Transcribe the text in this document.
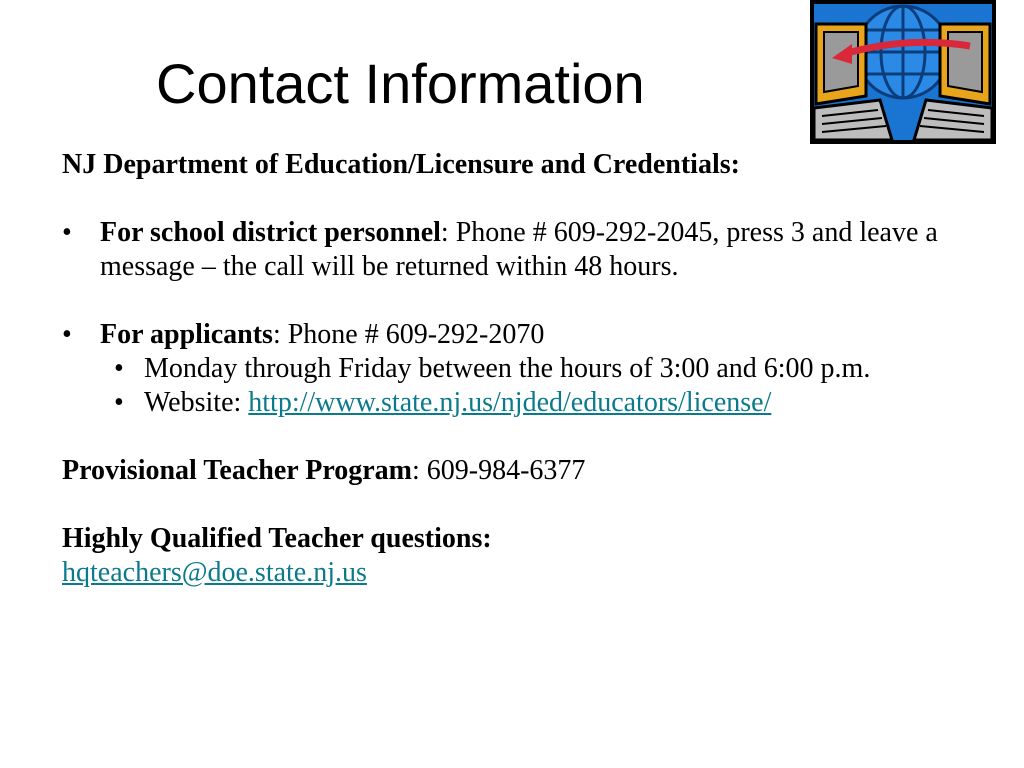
Contact Information
NJ Department of Education/Licensure and Credentials:
• For school district personnel: Phone # 609-292-2045, press 3 and leave a message – the call will be returned within 48 hours.
• For applicants: Phone # 609-292-2070
• Monday through Friday between the hours of 3:00 and 6:00 p.m.
• Website: http://www.state.nj.us/njded/educators/license/
Provisional Teacher Program: 609-984-6377
Highly Qualified Teacher questions:
hqteachers@doe.state.nj.us
